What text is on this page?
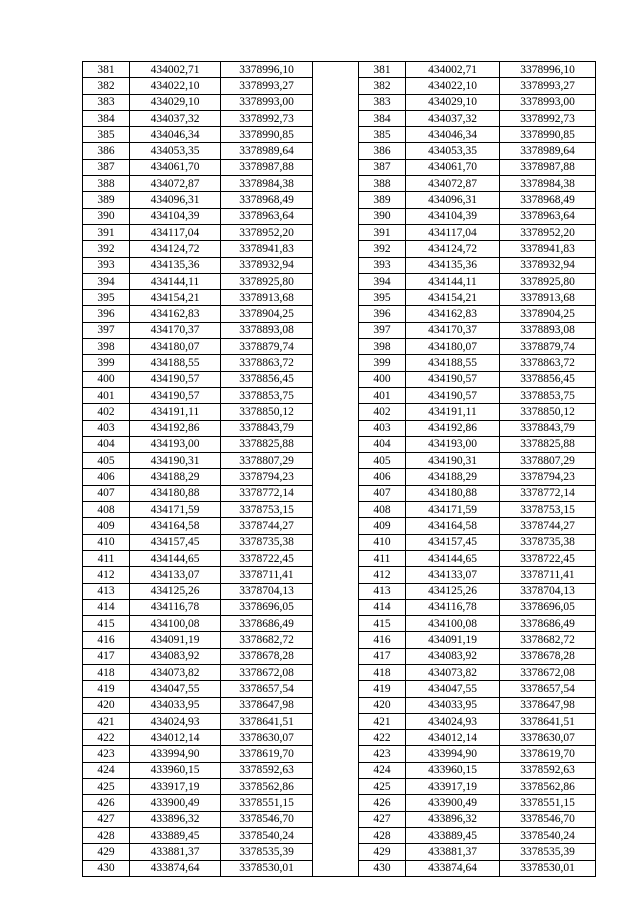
381	434002,71	3378996,10		381	434002,71	3378996,10
382	434022,10	3378993,27		382	434022,10	3378993,27
383	434029,10	3378993,00		383	434029,10	3378993,00
384	434037,32	3378992,73		384	434037,32	3378992,73
385	434046,34	3378990,85		385	434046,34	3378990,85
386	434053,35	3378989,64		386	434053,35	3378989,64
387	434061,70	3378987,88		387	434061,70	3378987,88
388	434072,87	3378984,38		388	434072,87	3378984,38
389	434096,31	3378968,49		389	434096,31	3378968,49
390	434104,39	3378963,64		390	434104,39	3378963,64
391	434117,04	3378952,20		391	434117,04	3378952,20
392	434124,72	3378941,83		392	434124,72	3378941,83
393	434135,36	3378932,94		393	434135,36	3378932,94
394	434144,11	3378925,80		394	434144,11	3378925,80
395	434154,21	3378913,68		395	434154,21	3378913,68
396	434162,83	3378904,25		396	434162,83	3378904,25
397	434170,37	3378893,08		397	434170,37	3378893,08
398	434180,07	3378879,74		398	434180,07	3378879,74
399	434188,55	3378863,72		399	434188,55	3378863,72
400	434190,57	3378856,45		400	434190,57	3378856,45
401	434190,57	3378853,75		401	434190,57	3378853,75
402	434191,11	3378850,12		402	434191,11	3378850,12
403	434192,86	3378843,79		403	434192,86	3378843,79
404	434193,00	3378825,88		404	434193,00	3378825,88
405	434190,31	3378807,29		405	434190,31	3378807,29
406	434188,29	3378794,23		406	434188,29	3378794,23
407	434180,88	3378772,14		407	434180,88	3378772,14
408	434171,59	3378753,15		408	434171,59	3378753,15
409	434164,58	3378744,27		409	434164,58	3378744,27
410	434157,45	3378735,38		410	434157,45	3378735,38
411	434144,65	3378722,45		411	434144,65	3378722,45
412	434133,07	3378711,41		412	434133,07	3378711,41
413	434125,26	3378704,13		413	434125,26	3378704,13
414	434116,78	3378696,05		414	434116,78	3378696,05
415	434100,08	3378686,49		415	434100,08	3378686,49
416	434091,19	3378682,72		416	434091,19	3378682,72
417	434083,92	3378678,28		417	434083,92	3378678,28
418	434073,82	3378672,08		418	434073,82	3378672,08
419	434047,55	3378657,54		419	434047,55	3378657,54
420	434033,95	3378647,98		420	434033,95	3378647,98
421	434024,93	3378641,51		421	434024,93	3378641,51
422	434012,14	3378630,07		422	434012,14	3378630,07
423	433994,90	3378619,70		423	433994,90	3378619,70
424	433960,15	3378592,63		424	433960,15	3378592,63
425	433917,19	3378562,86		425	433917,19	3378562,86
426	433900,49	3378551,15		426	433900,49	3378551,15
427	433896,32	3378546,70		427	433896,32	3378546,70
428	433889,45	3378540,24		428	433889,45	3378540,24
429	433881,37	3378535,39		429	433881,37	3378535,39
430	433874,64	3378530,01		430	433874,64	3378530,01
